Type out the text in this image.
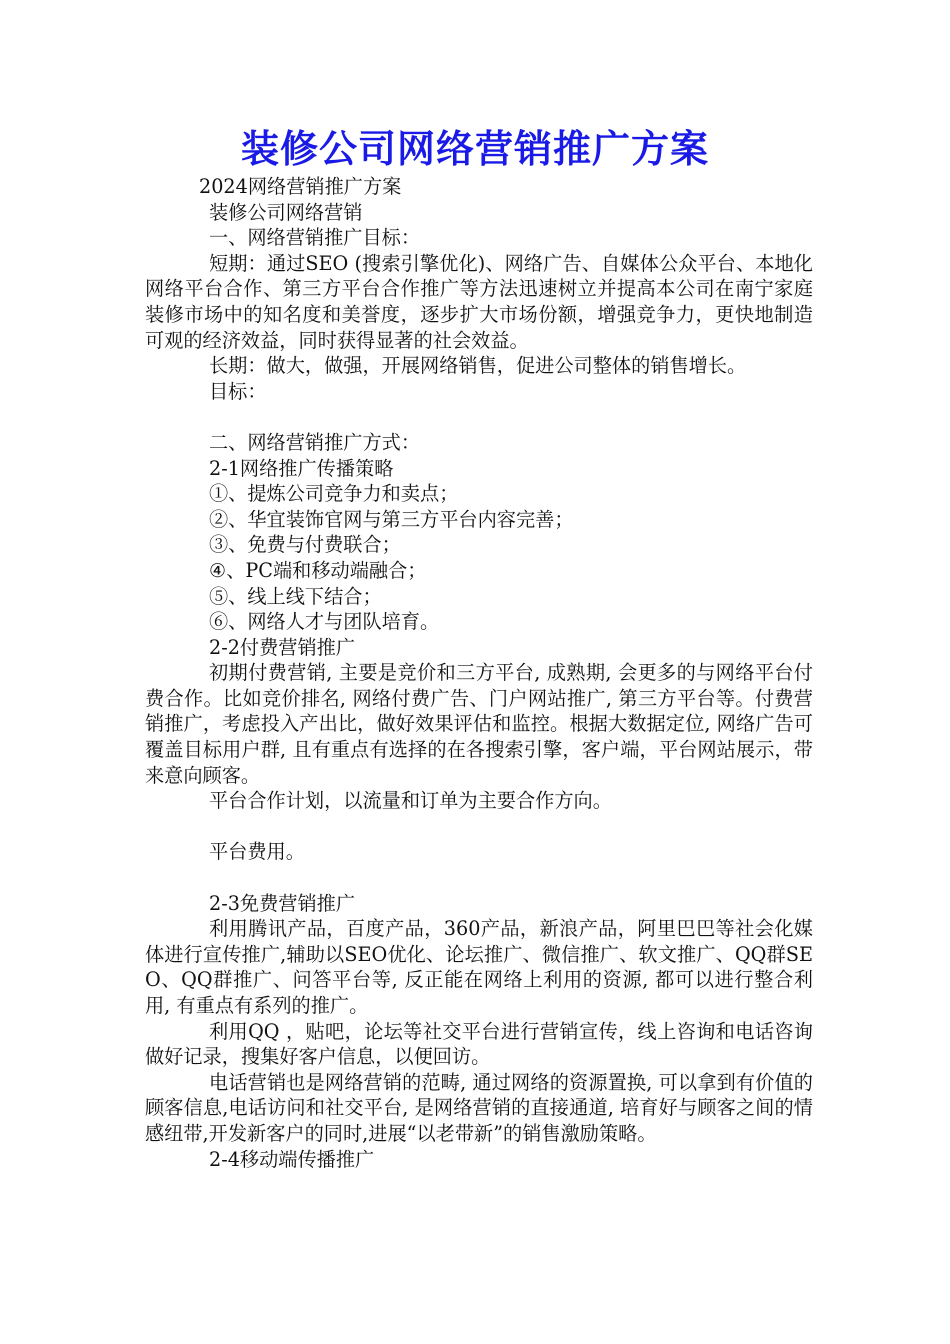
装修公司网络营销推广方案

2024网络营销推广方案

装修公司网络营销

一、网络营销推广目标：

短期：通过SEO (搜索引擎优化)、网络广告、自媒体公众平台、本地化网络平台合作、第三方平台合作推广等方法迅速树立并提高本公司在南宁家庭装修市场中的知名度和美誉度，逐步扩大市场份额，增强竞争力，更快地制造可观的经济效益，同时获得显著的社会效益。

长期：做大，做强，开展网络销售，促进公司整体的销售增长。

目标：

二、网络营销推广方式：

2-1网络推广传播策略

①、提炼公司竞争力和卖点；

②、华宜装饰官网与第三方平台内容完善；

③、免费与付费联合；

④、PC端和移动端融合；

⑤、线上线下结合；

⑥、网络人才与团队培育。

2-2付费营销推广

初期付费营销, 主要是竞价和三方平台, 成熟期, 会更多的与网络平台付费合作。比如竞价排名, 网络付费广告、门户网站推广, 第三方平台等。付费营销推广，考虑投入产出比，做好效果评估和监控。根据大数据定位, 网络广告可覆盖目标用户群, 且有重点有选择的在各搜索引擎，客户端，平台网站展示，带来意向顾客。

平台合作计划，以流量和订单为主要合作方向。

平台费用。

2-3免费营销推广

利用腾讯产品，百度产品，360产品，新浪产品，阿里巴巴等社会化媒体进行宣传推广,辅助以SEO优化、论坛推广、微信推广、软文推广、QQ群SEO、QQ群推广、问答平台等, 反正能在网络上利用的资源, 都可以进行整合利用, 有重点有系列的推广。

利用QQ ，贴吧，论坛等社交平台进行营销宣传，线上咨询和电话咨询做好记录，搜集好客户信息，以便回访。

电话营销也是网络营销的范畴, 通过网络的资源置换, 可以拿到有价值的顾客信息,电话访问和社交平台, 是网络营销的直接通道, 培育好与顾客之间的情感纽带,开发新客户的同时,进展“以老带新”的销售激励策略。

2-4移动端传播推广
